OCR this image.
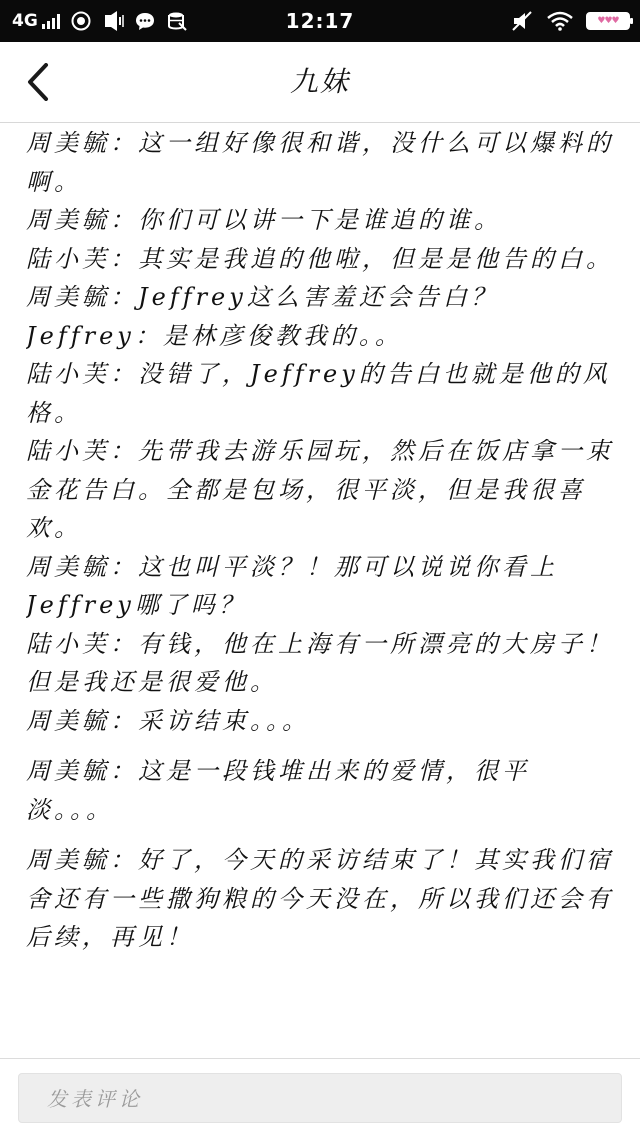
4G	12:17	♥♥♥
九妹

周美毓：这一组好像很和谐，没什么可以爆料的啊。

周美毓：你们可以讲一下是谁追的谁。

陆小芙：其实是我追的他啦，但是是他告的白。

周美毓：Jeffrey这么害羞还会告白？

Jeffrey：是林彦俊教我的。。

陆小芙：没错了，Jeffrey的告白也就是他的风格。

陆小芙：先带我去游乐园玩，然后在饭店拿一束金花告白。全都是包场，很平淡，但是我很喜欢。

周美毓：这也叫平淡？！那可以说说你看上Jeffrey哪了吗？

陆小芙：有钱，他在上海有一所漂亮的大房子！但是我还是很爱他。

周美毓：采访结束。。。

周美毓：这是一段钱堆出来的爱情，很平淡。。。

周美毓：好了，今天的采访结束了！其实我们宿舍还有一些撒狗粮的今天没在，所以我们还会有后续，再见！

发表评论
